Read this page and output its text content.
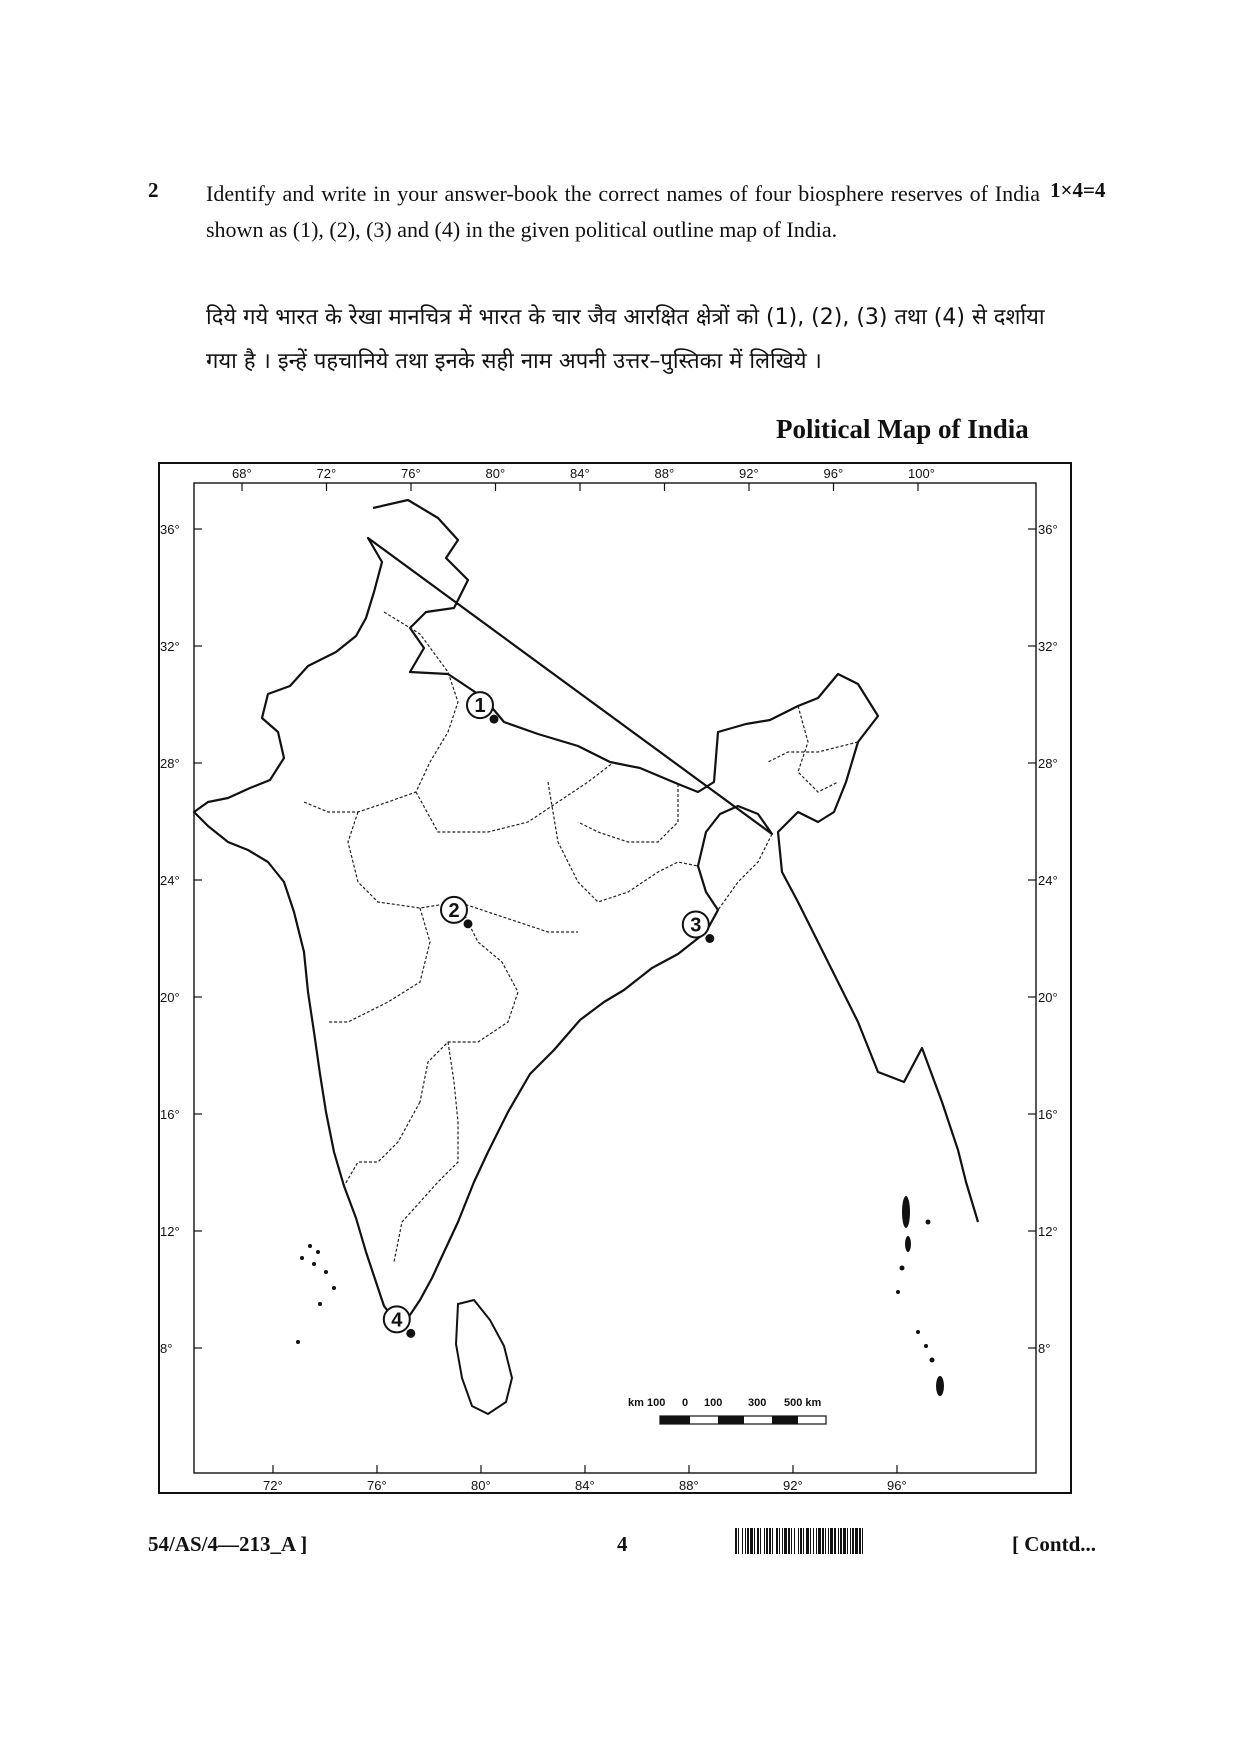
2 Identify and write in your answer-book the correct names of four biosphere reserves of India shown as (1), (2), (3) and (4) in the given political outline map of India.
1×4=4
दिये गये भारत के रेखा मानचित्र में भारत के चार जैव आरक्षित क्षेत्रों को (1), (2), (3) तथा (4) से दर्शाया गया है । इन्हें पहचानिये तथा इनके सही नाम अपनी उत्तर–पुस्तिका में लिखिये ।
Political Map of India
68°	72°	76°	80°	84°	88°	92°	96°	100°
72°	76°	80°	84°	88°	92°	96°
36°
32°
28°
24°
20°
16°
12°
8°
36°
32°
28°
24°
20°
16°
12°
8°
1
2
3
4
km 100 0 100 300 500 km
54/AS/4—213_A ]	4	[ Contd...
